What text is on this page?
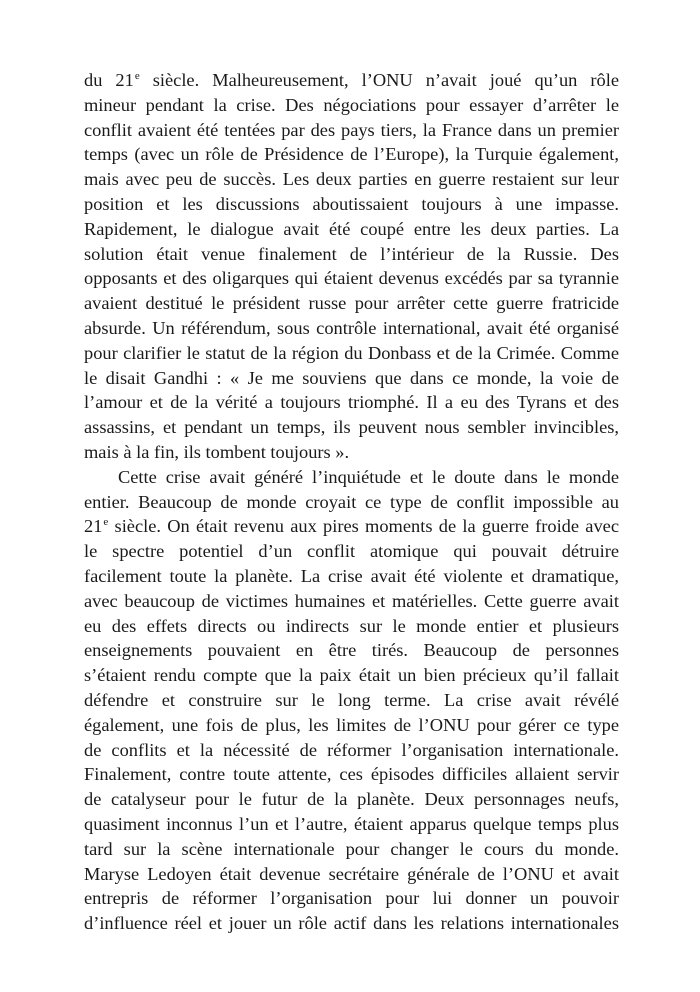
du 21e siècle. Malheureusement, l’ONU n’avait joué qu’un rôle
mineur pendant la crise. Des négociations pour essayer d’arrêter le
conflit avaient été tentées par des pays tiers, la France dans un premier
temps (avec un rôle de Présidence de l’Europe), la Turquie également,
mais avec peu de succès. Les deux parties en guerre restaient sur leur
position et les discussions aboutissaient toujours à une impasse.
Rapidement, le dialogue avait été coupé entre les deux parties. La
solution était venue finalement de l’intérieur de la Russie. Des
opposants et des oligarques qui étaient devenus excédés par sa tyrannie
avaient destitué le président russe pour arrêter cette guerre fratricide
absurde. Un référendum, sous contrôle international, avait été organisé
pour clarifier le statut de la région du Donbass et de la Crimée. Comme
le disait Gandhi : « Je me souviens que dans ce monde, la voie de
l’amour et de la vérité a toujours triomphé. Il a eu des Tyrans et des
assassins, et pendant un temps, ils peuvent nous sembler invincibles,
mais à la fin, ils tombent toujours ».
Cette crise avait généré l’inquiétude et le doute dans le monde
entier. Beaucoup de monde croyait ce type de conflit impossible au
21e siècle. On était revenu aux pires moments de la guerre froide avec
le spectre potentiel d’un conflit atomique qui pouvait détruire
facilement toute la planète. La crise avait été violente et dramatique,
avec beaucoup de victimes humaines et matérielles. Cette guerre avait
eu des effets directs ou indirects sur le monde entier et plusieurs
enseignements pouvaient en être tirés. Beaucoup de personnes
s’étaient rendu compte que la paix était un bien précieux qu’il fallait
défendre et construire sur le long terme. La crise avait révélé
également, une fois de plus, les limites de l’ONU pour gérer ce type
de conflits et la nécessité de réformer l’organisation internationale.
Finalement, contre toute attente, ces épisodes difficiles allaient servir
de catalyseur pour le futur de la planète. Deux personnages neufs,
quasiment inconnus l’un et l’autre, étaient apparus quelque temps plus
tard sur la scène internationale pour changer le cours du monde.
Maryse Ledoyen était devenue secrétaire générale de l’ONU et avait
entrepris de réformer l’organisation pour lui donner un pouvoir
d’influence réel et jouer un rôle actif dans les relations internationales
